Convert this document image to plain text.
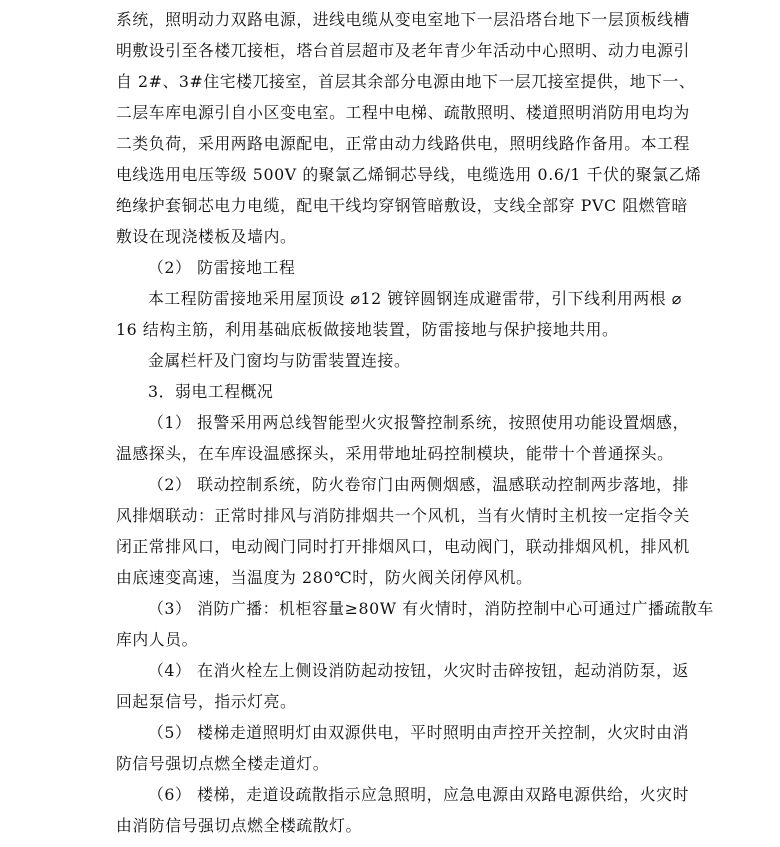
系统，照明动力双路电源，进线电缆从变电室地下一层沿塔台地下一层顶板线槽
明敷设引至各楼兀接柜，塔台首层超市及老年青少年活动中心照明、动力电源引
自 2#、3#住宅楼兀接室，首层其余部分电源由地下一层兀接室提供，地下一、
二层车库电源引自小区变电室。工程中电梯、疏散照明、楼道照明消防用电均为
二类负荷，采用两路电源配电，正常由动力线路供电，照明线路作备用。本工程
电线选用电压等级 500V 的聚氯乙烯铜芯导线，电缆选用 0.6/1 千伏的聚氯乙烯
绝缘护套铜芯电力电缆，配电干线均穿钢管暗敷设，支线全部穿 PVC 阻燃管暗
敷设在现浇楼板及墙内。
（2） 防雷接地工程
本工程防雷接地采用屋顶设 ⌀12 镀锌圆钢连成避雷带，引下线利用两根 ⌀
16 结构主筋，利用基础底板做接地装置，防雷接地与保护接地共用。
金属栏杆及门窗均与防雷装置连接。
3．弱电工程概况
（1） 报警采用两总线智能型火灾报警控制系统，按照使用功能设置烟感，
温感探头，在车库设温感探头，采用带地址码控制模块，能带十个普通探头。
（2） 联动控制系统，防火卷帘门由两侧烟感，温感联动控制两步落地，排
风排烟联动：正常时排风与消防排烟共一个风机，当有火情时主机按一定指令关
闭正常排风口，电动阀门同时打开排烟风口，电动阀门，联动排烟风机，排风机
由底速变高速，当温度为 280℃时，防火阀关闭停风机。
（3） 消防广播：机柜容量≥80W 有火情时，消防控制中心可通过广播疏散车
库内人员。
（4） 在消火栓左上侧设消防起动按钮，火灾时击碎按钮，起动消防泵，返
回起泵信号，指示灯亮。
（5） 楼梯走道照明灯由双源供电，平时照明由声控开关控制，火灾时由消
防信号强切点燃全楼走道灯。
（6） 楼梯，走道设疏散指示应急照明，应急电源由双路电源供给，火灾时
由消防信号强切点燃全楼疏散灯。
